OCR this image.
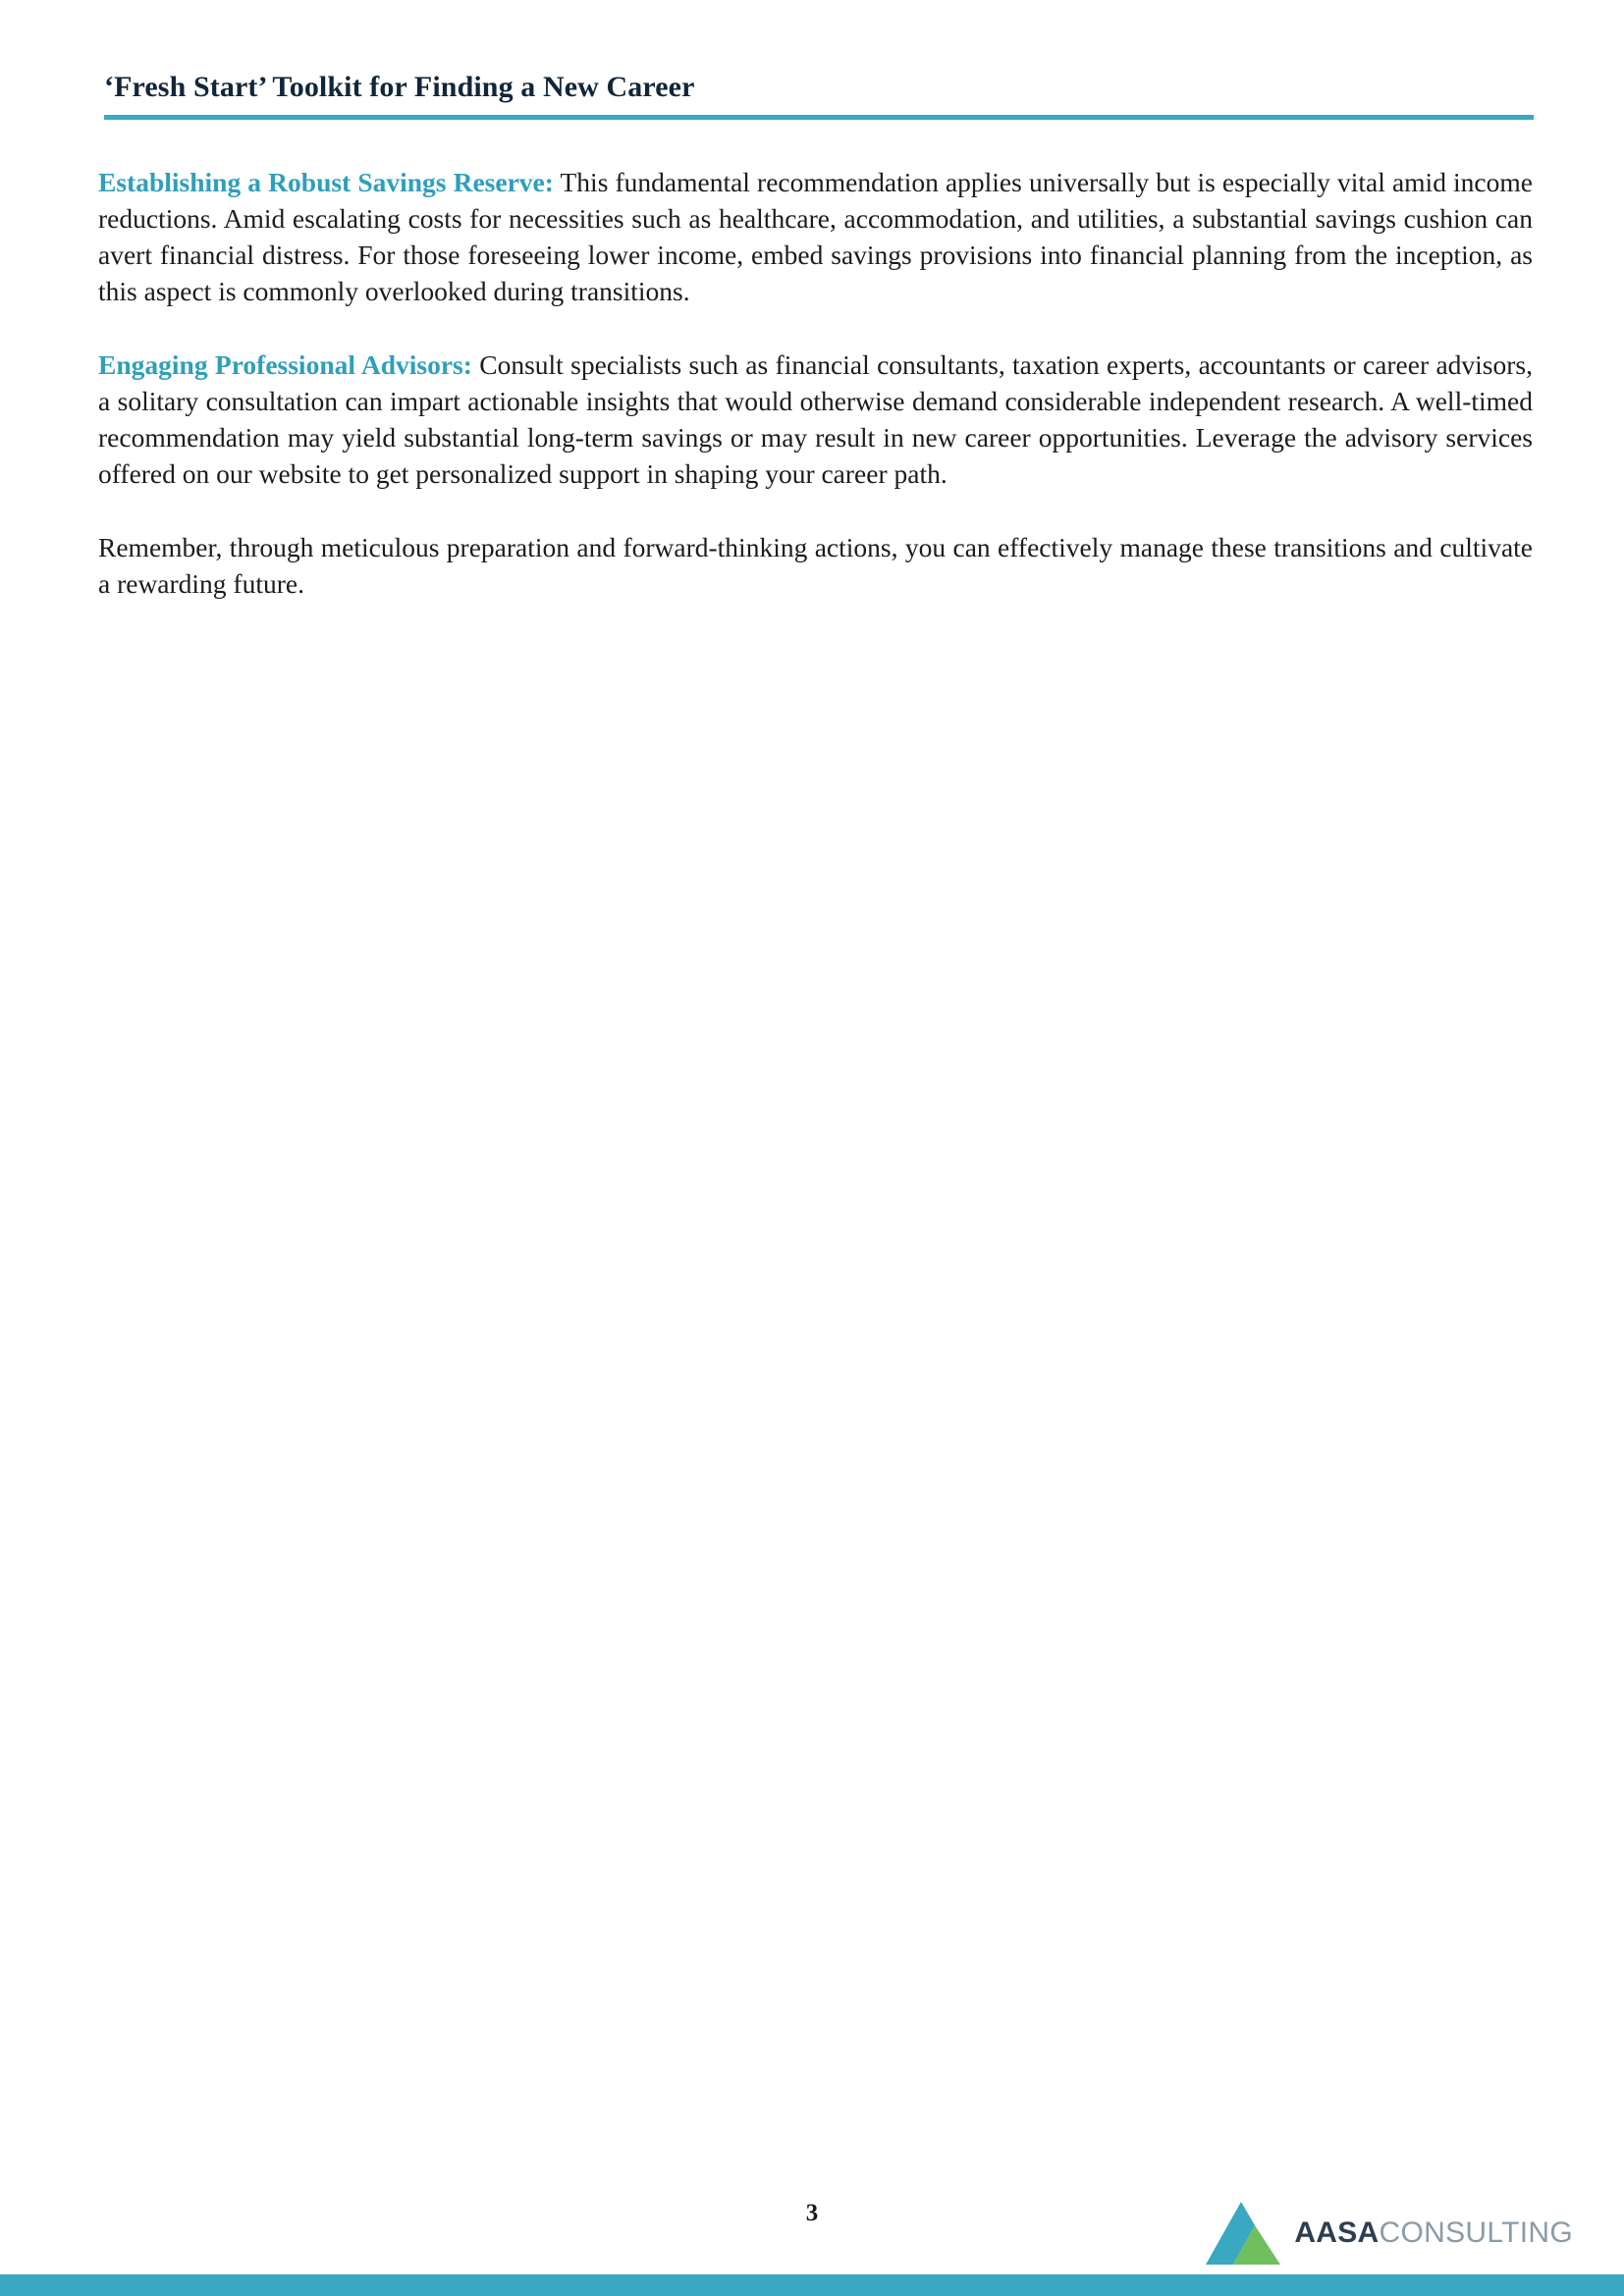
‘Fresh Start’ Toolkit for Finding a New Career

Establishing a Robust Savings Reserve: This fundamental recommendation applies universally but is especially vital amid income reductions. Amid escalating costs for necessities such as healthcare, accommodation, and utilities, a substantial savings cushion can avert financial distress. For those foreseeing lower income, embed savings provisions into financial planning from the inception, as this aspect is commonly overlooked during transitions.

Engaging Professional Advisors: Consult specialists such as financial consultants, taxation experts, accountants or career advisors, a solitary consultation can impart actionable insights that would otherwise demand considerable independent research. A well-timed recommendation may yield substantial long-term savings or may result in new career opportunities. Leverage the advisory services offered on our website to get personalized support in shaping your career path.

Remember, through meticulous preparation and forward-thinking actions, you can effectively manage these transitions and cultivate a rewarding future.

3
AASACONSULTING
